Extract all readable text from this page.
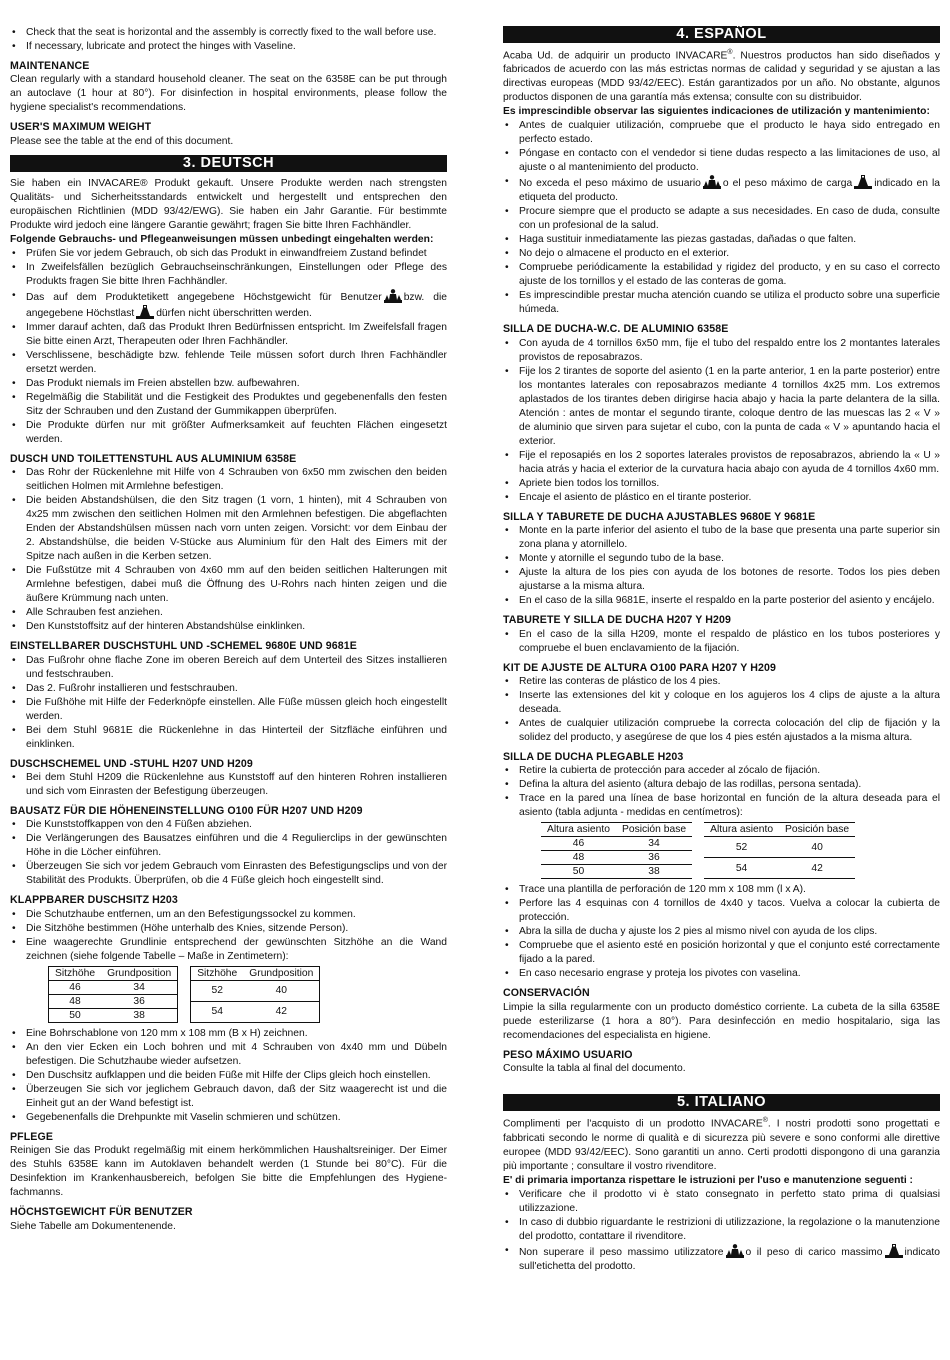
• Check that the seat is horizontal and the assembly is correctly fixed to the wall before use.
• If necessary, lubricate and protect the hinges with Vaseline.
MAINTENANCE

Clean regularly with a standard household cleaner. The seat on the 6358E can be put through an autoclave (1 hour at 80°). For disinfection in hospital environments, please follow the hygiene specialist's recommendations.

USER'S MAXIMUM WEIGHT

Please see the table at the end of this document.

3. DEUTSCH

Sie haben ein INVACARE® Produkt gekauft. Unsere Produkte werden nach strengsten Qualitäts- und Sicherheitsstandards entwickelt und hergestellt und entsprechen den europäischen Richtlinien (MDD 93/42/EWG). Sie haben ein Jahr Garantie. Für bestimmte Produkte wird jedoch eine längere Garantie gewährt; fragen Sie bitte Ihren Fachhändler.

Folgende Gebrauchs- und Pflegeanweisungen müssen unbedingt eingehalten werden:

• Prüfen Sie vor jedem Gebrauch, ob sich das Produkt in einwandfreiem Zustand befindet
• In Zweifelsfällen bezüglich Gebrauchseinschränkungen, Einstellungen oder Pflege des Produkts fragen Sie bitte Ihren Fachhändler.
• Das auf dem Produktetikett angegebene Höchstgewicht für Benutzer bzw. die angegebene Höchstlast dürfen nicht überschritten werden.
• Immer darauf achten, daß das Produkt Ihren Bedürfnissen entspricht. Im Zweifelsfall fragen Sie bitte einen Arzt, Therapeuten oder Ihren Fachhändler.
• Verschlissene, beschädigte bzw. fehlende Teile müssen sofort durch Ihren Fachhändler ersetzt werden.
• Das Produkt niemals im Freien abstellen bzw. aufbewahren.
• Regelmäßig die Stabilität und die Festigkeit des Produktes und gegebenenfalls den festen Sitz der Schrauben und den Zustand der Gummikappen überprüfen.
• Die Produkte dürfen nur mit größter Aufmerksamkeit auf feuchten Flächen eingesetzt werden.
DUSCH UND TOILETTENSTUHL AUS ALUMINIUM 6358E
• Das Rohr der Rückenlehne mit Hilfe von 4 Schrauben von 6x50 mm zwischen den beiden seitlichen Holmen mit Armlehne befestigen.
• Die beiden Abstandshülsen, die den Sitz tragen (1 vorn, 1 hinten), mit 4 Schrauben von 4x25 mm zwischen den seitlichen Holmen mit den Armlehnen befestigen. Die abgeflachten Enden der Abstandshülsen müssen nach vorn unten zeigen. Vorsicht: vor dem Einbau der 2. Abstandshülse, die beiden V-Stücke aus Aluminium für den Halt des Eimers mit der Spitze nach außen in die Kerben setzen.
• Die Fußstütze mit 4 Schrauben von 4x60 mm auf den beiden seitlichen Halterungen mit Armlehne befestigen, dabei muß die Öffnung des U-Rohrs nach hinten zeigen und die äußere Krümmung nach unten.
• Alle Schrauben fest anziehen.
• Den Kunststoffsitz auf der hinteren Abstandshülse einklinken.
EINSTELLBARER DUSCHSTUHL UND -SCHEMEL 9680E UND 9681E
• Das Fußrohr ohne flache Zone im oberen Bereich auf dem Unterteil des Sitzes installieren und festschrauben.
• Das 2. Fußrohr installieren und festschrauben.
• Die Fußhöhe mit Hilfe der Federknöpfe einstellen. Alle Füße müssen gleich hoch eingestellt werden.
• Bei dem Stuhl 9681E die Rückenlehne in das Hinterteil der Sitzfläche einführen und einklinken.
DUSCHSCHEMEL UND -STUHL H207 UND H209
• Bei dem Stuhl H209 die Rückenlehne aus Kunststoff auf den hinteren Rohren installieren und sich vom Einrasten der Befestigung überzeugen.
BAUSATZ FÜR DIE HÖHENEINSTELLUNG O100 FÜR H207 UND H209
• Die Kunststoffkappen von den 4 Füßen abziehen.
• Die Verlängerungen des Bausatzes einführen und die 4 Regulierclips in der gewünschten Höhe in die Löcher einführen.
• Überzeugen Sie sich vor jedem Gebrauch vom Einrasten des Befestigungsclips und von der Stabilität des Produkts. Überprüfen, ob die 4 Füße gleich hoch eingestellt sind.
KLAPPBARER DUSCHSITZ H203
• Die Schutzhaube entfernen, um an den Befestigungssockel zu kommen.
• Die Sitzhöhe bestimmen (Höhe unterhalb des Knies, sitzende Person).
• Eine waagerechte Grundlinie entsprechend der gewünschten Sitzhöhe an die Wand zeichnen (siehe folgende Tabelle – Maße in Zentimetern):
Sitzhöhe	Grundposition
46	34
48	36
50	38
Sitzhöhe	Grundposition
52	40
54	42
• Eine Bohrschablone von 120 mm x 108 mm (B x H) zeichnen.
• An den vier Ecken ein Loch bohren und mit 4 Schrauben von 4x40 mm und Dübeln befestigen. Die Schutzhaube wieder aufsetzen.
• Den Duschsitz aufklappen und die beiden Füße mit Hilfe der Clips gleich hoch einstellen.
• Überzeugen Sie sich vor jeglichem Gebrauch davon, daß der Sitz waagerecht ist und die Einheit gut an der Wand befestigt ist.
• Gegebenenfalls die Drehpunkte mit Vaselin schmieren und schützen.
PFLEGE

Reinigen Sie das Produkt regelmäßig mit einem herkömmlichen Haushaltsreiniger. Der Eimer des Stuhls 6358E kann im Autoklaven behandelt werden (1 Stunde bei 80°C). Für die Desinfektion im Krankenhausbereich, befolgen Sie bitte die Empfehlungen des Hygiene-fachmanns.

HÖCHSTGEWICHT FÜR BENUTZER

Siehe Tabelle am Dokumentenende.

4. ESPAÑOL

Acaba Ud. de adquirir un producto INVACARE®. Nuestros productos han sido diseñados y fabricados de acuerdo con las más estrictas normas de calidad y seguridad y se ajustan a las directivas europeas (MDD 93/42/EEC). Están garantizados por un año. No obstante, algunos productos disponen de una garantía más extensa; consulte con su distribuidor.

Es imprescindible observar las siguientes indicaciones de utilización y mantenimiento:

• Antes de cualquier utilización, compruebe que el producto le haya sido entregado en perfecto estado.
• Póngase en contacto con el vendedor si tiene dudas respecto a las limitaciones de uso, al ajuste o al mantenimiento del producto.
• No exceda el peso máximo de usuario o el peso máximo de carga indicado en la etiqueta del producto.
• Procure siempre que el producto se adapte a sus necesidades. En caso de duda, consulte con un profesional de la salud.
• Haga sustituir inmediatamente las piezas gastadas, dañadas o que falten.
• No dejo o almacene el producto en el exterior.
• Compruebe periódicamente la estabilidad y rigidez del producto, y en su caso el correcto ajuste de los tornillos y el estado de las conteras de goma.
• Es imprescindible prestar mucha atención cuando se utiliza el producto sobre una superficie húmeda.
SILLA DE DUCHA-W.C. DE ALUMINIO 6358E
• Con ayuda de 4 tornillos 6x50 mm, fije el tubo del respaldo entre los 2 montantes laterales provistos de reposabrazos.
• Fije los 2 tirantes de soporte del asiento (1 en la parte anterior, 1 en la parte posterior) entre los montantes laterales con reposabrazos mediante 4 tornillos 4x25 mm. Los extremos aplastados de los tirantes deben dirigirse hacia abajo y hacia la parte delantera de la silla. Atención : antes de montar el segundo tirante, coloque dentro de las muescas las 2 « V » de aluminio que sirven para sujetar el cubo, con la punta de cada « V » apuntando hacia el exterior.
• Fije el reposapiés en los 2 soportes laterales provistos de reposabrazos, abriendo la « U » hacia atrás y hacia el exterior de la curvatura hacia abajo con ayuda de 4 tornillos 4x60 mm.
• Apriete bien todos los tornillos.
• Encaje el asiento de plástico en el tirante posterior.
SILLA Y TABURETE DE DUCHA AJUSTABLES 9680E Y 9681E
• Monte en la parte inferior del asiento el tubo de la base que presenta una parte superior sin zona plana y atornillelo.
• Monte y atornille el segundo tubo de la base.
• Ajuste la altura de los pies con ayuda de los botones de resorte. Todos los pies deben ajustarse a la misma altura.
• En el caso de la silla 9681E, inserte el respaldo en la parte posterior del asiento y encájelo.
TABURETE Y SILLA DE DUCHA H207 Y H209
• En el caso de la silla H209, monte el respaldo de plástico en los tubos posteriores y compruebe el buen enclavamiento de la fijación.
KIT DE AJUSTE DE ALTURA O100 PARA H207 Y H209
• Retire las conteras de plástico de los 4 pies.
• Inserte las extensiones del kit y coloque en los agujeros los 4 clips de ajuste a la altura deseada.
• Antes de cualquier utilización compruebe la correcta colocación del clip de fijación y la solidez del producto, y asegúrese de que los 4 pies estén ajustados a la misma altura.
SILLA DE DUCHA PLEGABLE H203
• Retire la cubierta de protección para acceder al zócalo de fijación.
• Defina la altura del asiento (altura debajo de las rodillas, persona sentada).
• Trace en la pared una línea de base horizontal en función de la altura deseada para el asiento (tabla adjunta - medidas en centímetros):
Altura asiento	Posición base
46	34
48	36
50	38
Altura asiento	Posición base
52	40
54	42
• Trace una plantilla de perforación de 120 mm x 108 mm (l x A).
• Perfore las 4 esquinas con 4 tornillos de 4x40 y tacos. Vuelva a colocar la cubierta de protección.
• Abra la silla de ducha y ajuste los 2 pies al mismo nivel con ayuda de los clips.
• Compruebe que el asiento esté en posición horizontal y que el conjunto esté correctamente fijado a la pared.
• En caso necesario engrase y proteja los pivotes con vaselina.
CONSERVACIÓN

Limpie la silla regularmente con un producto doméstico corriente. La cubeta de la silla 6358E puede esterilizarse (1 hora a 80°). Para desinfección en medio hospitalario, siga las recomendaciones del especialista en higiene.

PESO MÁXIMO USUARIO

Consulte la tabla al final del documento.

5. ITALIANO

Complimenti per l'acquisto di un prodotto INVACARE®. I nostri prodotti sono progettati e fabbricati secondo le norme di qualità e di sicurezza più severe e sono conformi alle direttive europee (MDD 93/42/EEC). Sono garantiti un anno. Certi prodotti dispongono di una garanzia più importante ; consultare il vostro rivenditore.

E' di primaria importanza rispettare le istruzioni per l'uso e manutenzione seguenti :

• Verificare che il prodotto vi è stato consegnato in perfetto stato prima di qualsiasi utilizzazione.
• In caso di dubbio riguardante le restrizioni di utilizzazione, la regolazione o la manutenzione del prodotto, contattare il rivenditore.
• Non superare il peso massimo utilizzatore o il peso di carico massimo indicato sull'etichetta del prodotto.
